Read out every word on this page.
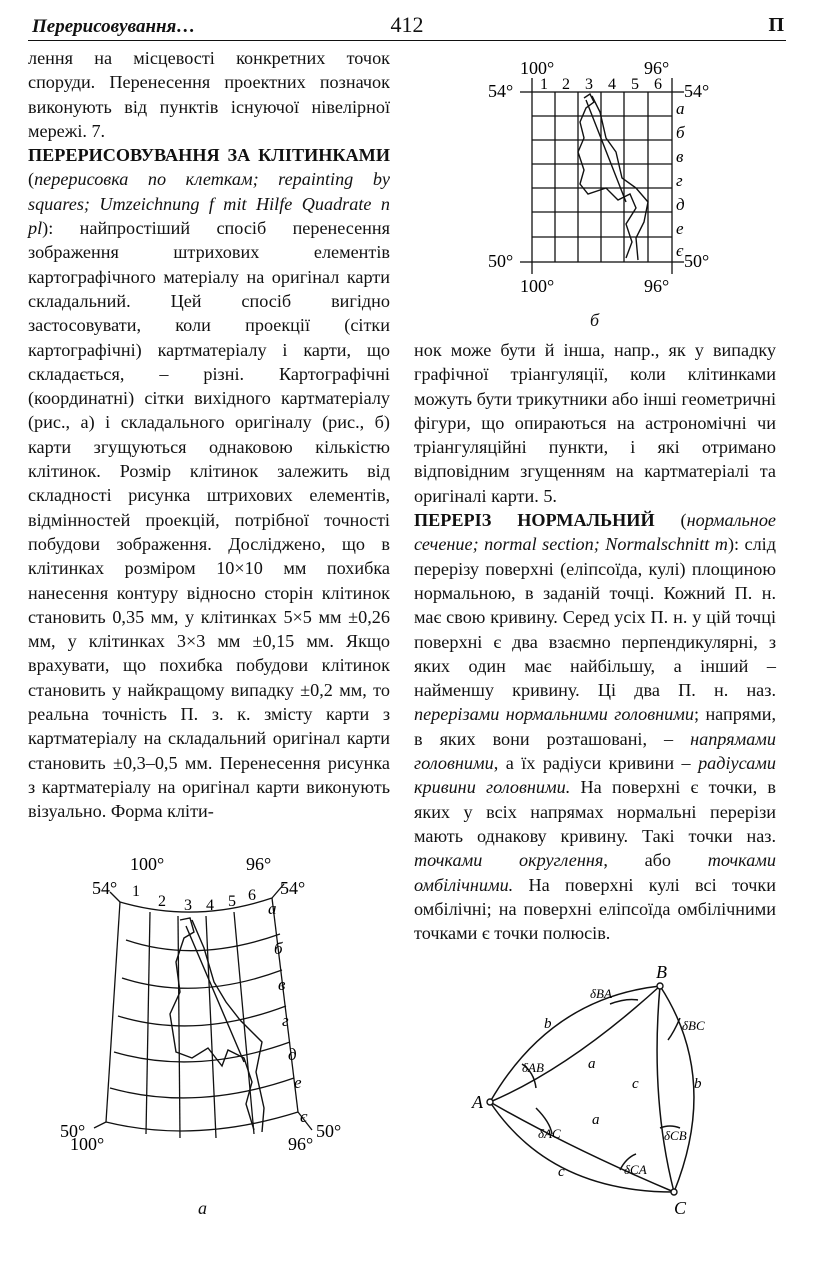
Перерисовування…	412	П

лення на місцевості конкретних точок споруди. Перенесення проектних позначок виконують від пунктів існуючої нівелірної мережі. 7.

ПЕРЕРИСОВУВАННЯ ЗА КЛІТИНКАМИ (перерисовка по клеткам; repainting by squares; Umzeichnung f mit Hilfe Quadrate n pl): найпростіший спосіб перенесення зображення штрихових елементів картографічного матеріалу на оригінал карти складальний. Цей спосіб вигідно застосовувати, коли проекції (сітки картографічні) картматеріалу і карти, що складається, – різні. Картографічні (координатні) сітки вихідного картматеріалу (рис., а) і складального оригіналу (рис., б) карти згущуються однаковою кількістю клітинок. Розмір клітинок залежить від складності рисунка штрихових елементів, відмінностей проекцій, потрібної точності побудови зображення. Досліджено, що в клітинках розміром 10×10 мм похибка нанесення контуру відносно сторін клітинок становить 0,35 мм, у клітинках 5×5 мм ±0,26 мм, у клітинках 3×3 мм ±0,15 мм. Якщо врахувати, що похибка побудови клітинок становить у найкращому випадку ±0,2 мм, то реальна точність П. з. к. змісту карти з картматеріалу на складальний оригінал карти становить ±0,3–0,5 мм. Перенесення рисунка з картматеріалу на оригінал карти виконують візуально. Форма клiти-

нок може бути й інша, напр., як у випадку графічної тріангуляції, коли клітинками можуть бути трикутники або інші геометричні фігури, що опираються на астрономічні чи тріангуляційні пункти, і які отримано відповідним згущенням на картматеріалі та оригіналі карти. 5.

ПЕРЕРІЗ НОРМАЛЬНИЙ (нормальное сечение; normal section; Normalschnitt m): слід перерізу поверхні (еліпсоїда, кулі) площиною нормальною, в заданій точці. Кожний П. н. має свою кривину. Серед усіх П. н. у цій точці поверхні є два взаємно перпендикулярні, з яких один має найбільшу, а інший – найменшу кривину. Ці два П. н. наз. перерізами нормальними головними; напрями, в яких вони розташовані, – напрямами головними, а їх радіуси кривини – радіусами кривини головними. На поверхні є точки, в яких у всіх напрямах нормальні перерізи мають однакову кривину. Такі точки наз. точками округлення, або точками омбілічними. На поверхні кулі всі точки омбілічні; на поверхні еліпсоїда омбілічними точками є точки полюсів.

100°	96°
54°	54°
50°	50°
100°	96°
1 2 3 4 5 6
а
б
в
г
д
е
є
б
100°	96°
54°	54°
50°	50°
100°	96°
1
2 3 4 5 6
а
б
в
г
д
е
є
а
A
B
C
b
a
c	b
a
c
δBA
δBC
δAB
δAC
δCA
δCB
